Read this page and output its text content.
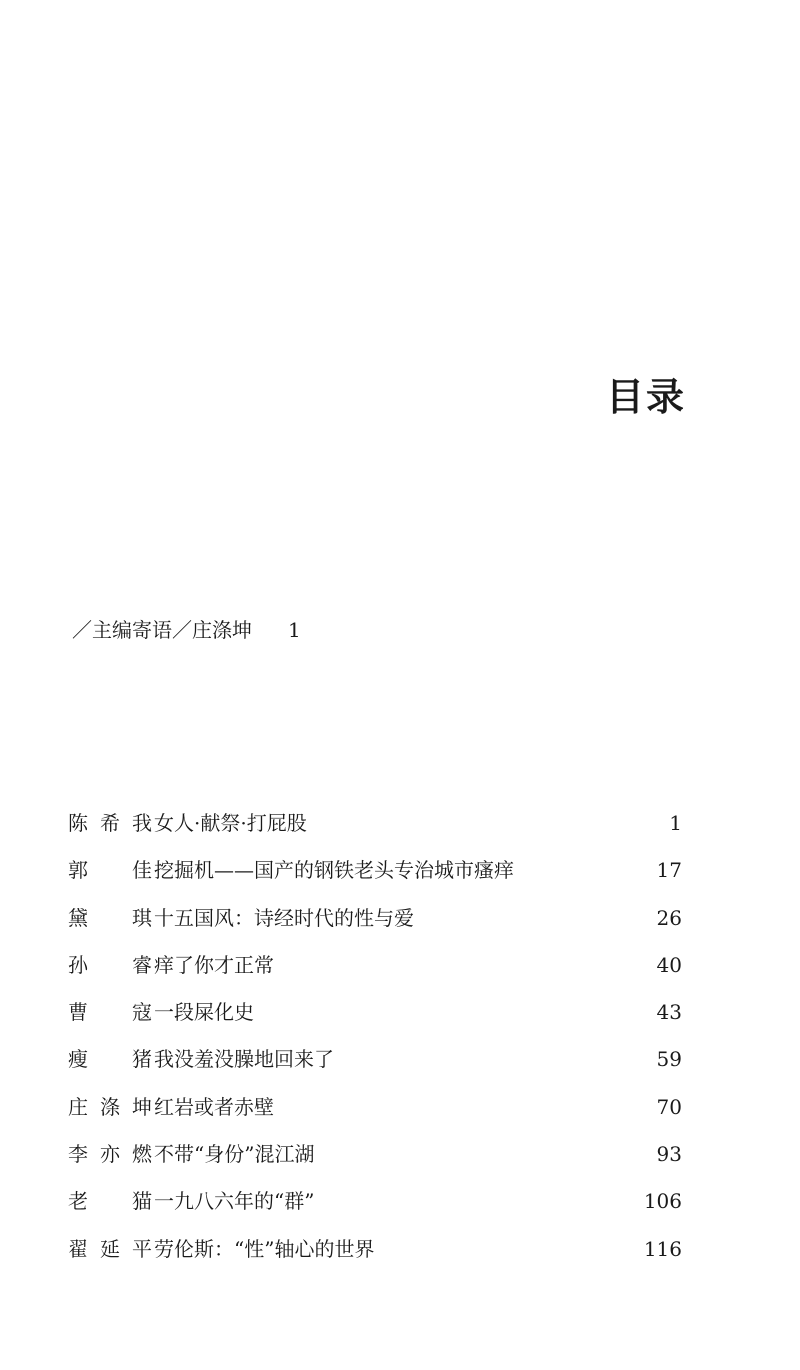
目录
／主编寄语／庄涤坤 1
陈希我 女人·献祭·打屁股	1
郭 佳 挖掘机——国产的钢铁老头专治城市瘙痒	17
黛 琪 十五国风：诗经时代的性与爱	26
孙 睿 痒了你才正常	40
曹 寇 一段屎化史	43
瘦 猪 我没羞没臊地回来了	59
庄涤坤 红岩或者赤壁	70
李亦燃 不带“身份”混江湖	93
老 猫 一九八六年的“群”	106
翟延平 劳伦斯：“性”轴心的世界	116
